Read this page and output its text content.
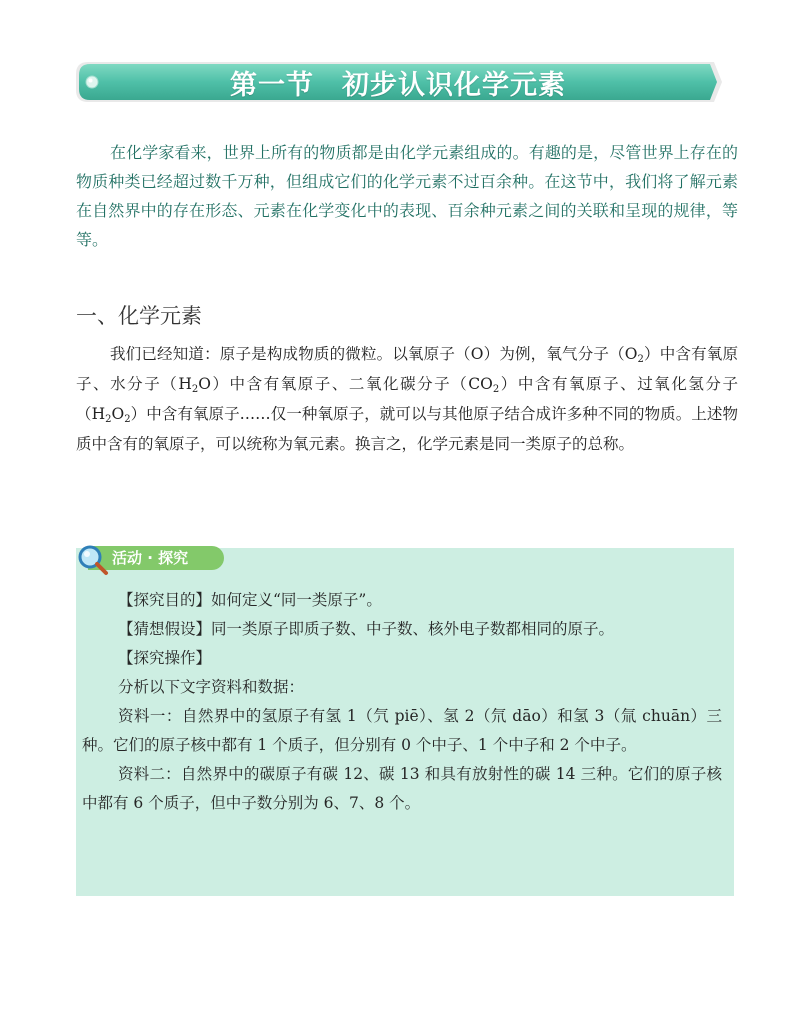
第一节　初步认识化学元素

在化学家看来，世界上所有的物质都是由化学元素组成的。有趣的是，尽管世界上存在的物质种类已经超过数千万种，但组成它们的化学元素不过百余种。在这节中，我们将了解元素在自然界中的存在形态、元素在化学变化中的表现、百余种元素之间的关联和呈现的规律，等等。

一、化学元素

我们已经知道：原子是构成物质的微粒。以氧原子（O）为例，氧气分子$(O_2)$中含有氧原子、水分子$(H_2O)$中含有氧原子、二氧化碳分子$(CO_2)$中含有氧原子、过氧化氢分子$(H_2O_2)$中含有氧原子……仅一种氧原子，就可以与其他原子结合成许多种不同的物质。上述物质中含有的氧原子，可以统称为氧元素。换言之，化学元素是同一类原子的总称。

活动 · 探究

【探究目的】如何定义“同一类原子”。

【猜想假设】同一类原子即质子数、中子数、核外电子数都相同的原子。

【探究操作】

分析以下文字资料和数据：

资料一：自然界中的氢原子有氢 1（氕 piē）、氢 2（氘 dāo）和氢 3（氚 chuān）三种。它们的原子核中都有 1 个质子，但分别有 0 个中子、1 个中子和 2 个中子。

资料二：自然界中的碳原子有碳 12、碳 13 和具有放射性的碳 14 三种。它们的原子核中都有 6 个质子，但中子数分别为 6、7、8 个。
